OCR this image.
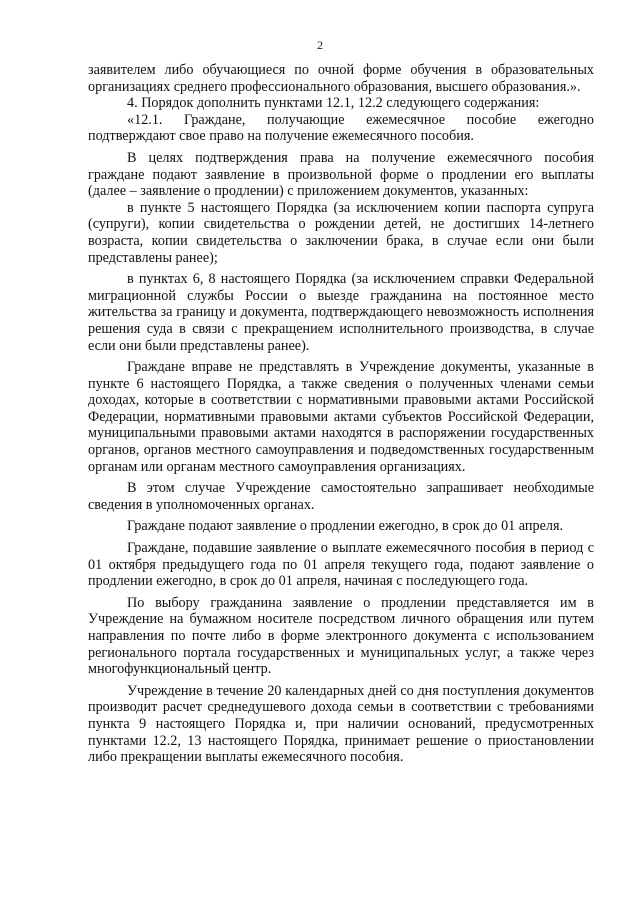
2

заявителем либо обучающиеся по очной форме обучения в образовательных организациях среднего профессионального образования, высшего образования.».

4. Порядок дополнить пунктами 12.1, 12.2 следующего содержания:

«12.1. Граждане, получающие ежемесячное пособие ежегодно подтверждают свое право на получение ежемесячного пособия.

В целях подтверждения права на получение ежемесячного пособия граждане подают заявление в произвольной форме о продлении его выплаты (далее – заявление о продлении) с приложением документов, указанных:

в пункте 5 настоящего Порядка (за исключением копии паспорта супруга (супруги), копии свидетельства о рождении детей, не достигших 14-летнего возраста, копии свидетельства о заключении брака, в случае если они были представлены ранее);

в пунктах 6, 8 настоящего Порядка (за исключением справки Федеральной миграционной службы России о выезде гражданина на постоянное место жительства за границу и документа, подтверждающего невозможность исполнения решения суда в связи с прекращением исполнительного производства, в случае если они были представлены ранее).

Граждане вправе не представлять в Учреждение документы, указанные в пункте 6 настоящего Порядка, а также сведения о полученных членами семьи доходах, которые в соответствии с нормативными правовыми актами Российской Федерации, нормативными правовыми актами субъектов Российской Федерации, муниципальными правовыми актами находятся в распоряжении государственных органов, органов местного самоуправления и подведомственных государственным органам или органам местного самоуправления организациях.

В этом случае Учреждение самостоятельно запрашивает необходимые сведения в уполномоченных органах.

Граждане подают заявление о продлении ежегодно, в срок до 01 апреля.

Граждане, подавшие заявление о выплате ежемесячного пособия в период с 01 октября предыдущего года по 01 апреля текущего года, подают заявление о продлении ежегодно, в срок до 01 апреля, начиная с последующего года.

По выбору гражданина заявление о продлении представляется им в Учреждение на бумажном носителе посредством личного обращения или путем направления по почте либо в форме электронного документа с использованием регионального портала государственных и муниципальных услуг, а также через многофункциональный центр.

Учреждение в течение 20 календарных дней со дня поступления документов производит расчет среднедушевого дохода семьи в соответствии с требованиями пункта 9 настоящего Порядка и, при наличии оснований, предусмотренных пунктами 12.2, 13 настоящего Порядка, принимает решение о приостановлении либо прекращении выплаты ежемесячного пособия.
